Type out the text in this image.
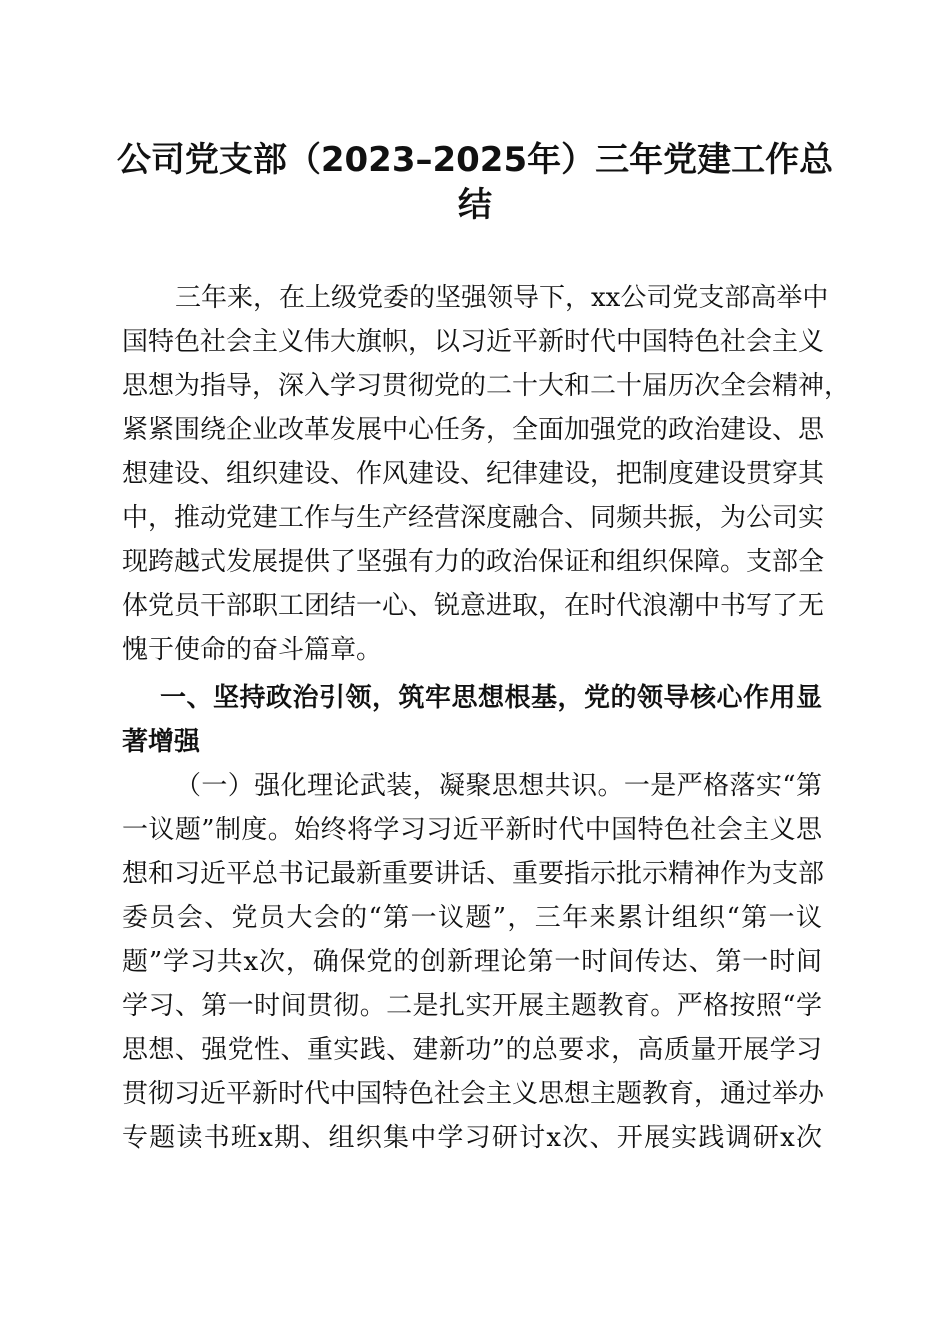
公司党支部（2023–2025年）三年党建工作总
结
三年来，在上级党委的坚强领导下，xx公司党支部高举中
国特色社会主义伟大旗帜，以习近平新时代中国特色社会主义
思想为指导，深入学习贯彻党的二十大和二十届历次全会精神，
紧紧围绕企业改革发展中心任务，全面加强党的政治建设、思
想建设、组织建设、作风建设、纪律建设，把制度建设贯穿其
中，推动党建工作与生产经营深度融合、同频共振，为公司实
现跨越式发展提供了坚强有力的政治保证和组织保障。支部全
体党员干部职工团结一心、锐意进取，在时代浪潮中书写了无
愧于使命的奋斗篇章。
一、坚持政治引领，筑牢思想根基，党的领导核心作用显
著增强
（一）强化理论武装，凝聚思想共识。一是严格落实“第
一议题”制度。始终将学习习近平新时代中国特色社会主义思
想和习近平总书记最新重要讲话、重要指示批示精神作为支部
委员会、党员大会的“第一议题”，三年来累计组织“第一议
题”学习共x次，确保党的创新理论第一时间传达、第一时间
学习、第一时间贯彻。二是扎实开展主题教育。严格按照“学
思想、强党性、重实践、建新功”的总要求，高质量开展学习
贯彻习近平新时代中国特色社会主义思想主题教育，通过举办
专题读书班x期、组织集中学习研讨x次、开展实践调研x次
